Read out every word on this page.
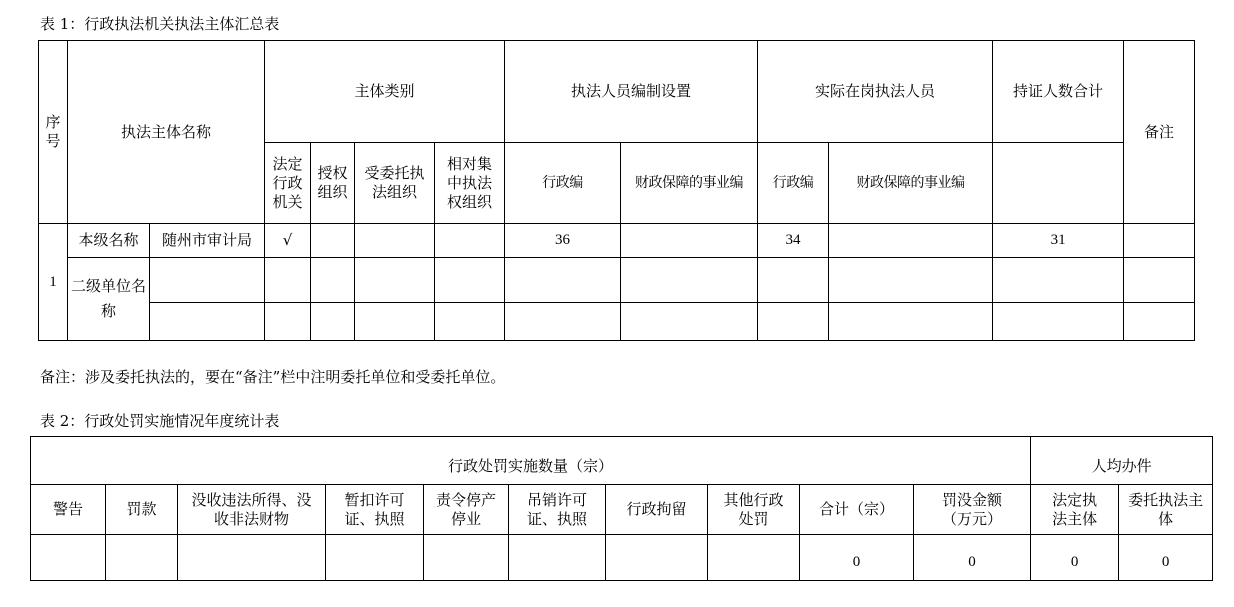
表 1：行政执法机关执法主体汇总表
序号	执法主体名称		主体类别				执法人员编制设置		实际在岗执法人员		持证人数合计	备注
			法定行政机关	授权组织	受委托执法组织	相对集中执法权组织	行政编	财政保障的事业编	行政编	财政保障的事业编		
1	本级名称	随州市审计局	√				36		34		31	
	二级单位名称											

备注：涉及委托执法的，要在“备注”栏中注明委托单位和受委托单位。
表 2：行政处罚实施情况年度统计表
行政处罚实施数量（宗）										人均办件	
警告	罚款	没收违法所得、没收非法财物	暂扣许可证、执照	责令停产停业	吊销许可证、执照	行政拘留	其他行政处罚	合计（宗）	罚没金额（万元）	法定执法主体	委托执法主体
								0	0	0	0
